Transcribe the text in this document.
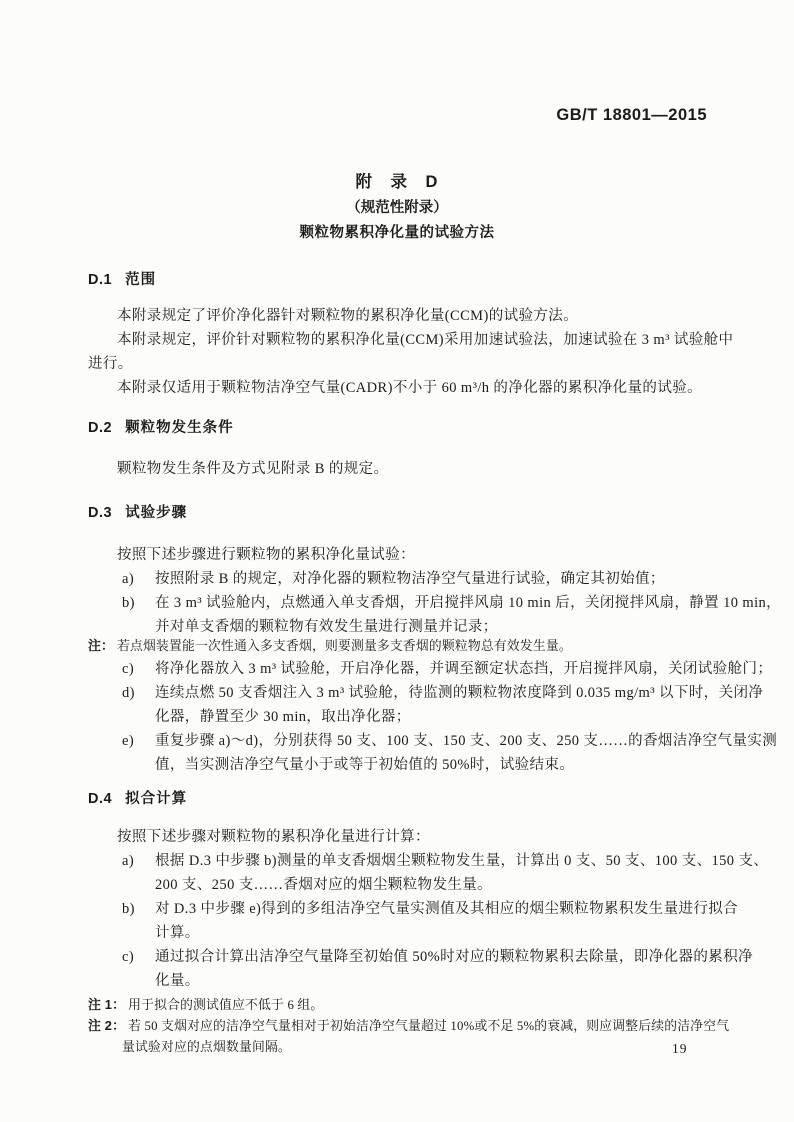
GB/T 18801—2015
附　录　D
（规范性附录）
颗粒物累积净化量的试验方法
D.1 范围
本附录规定了评价净化器针对颗粒物的累积净化量(CCM)的试验方法。
本附录规定，评价针对颗粒物的累积净化量(CCM)采用加速试验法，加速试验在 3 m³ 试验舱中
进行。
本附录仅适用于颗粒物洁净空气量(CADR)不小于 60 m³/h 的净化器的累积净化量的试验。
D.2 颗粒物发生条件
颗粒物发生条件及方式见附录 B 的规定。
D.3 试验步骤
按照下述步骤进行颗粒物的累积净化量试验：
a) 按照附录 B 的规定，对净化器的颗粒物洁净空气量进行试验，确定其初始值；
b) 在 3 m³ 试验舱内，点燃通入单支香烟，开启搅拌风扇 10 min 后，关闭搅拌风扇，静置 10 min，
并对单支香烟的颗粒物有效发生量进行测量并记录；
注： 若点烟装置能一次性通入多支香烟，则要测量多支香烟的颗粒物总有效发生量。
c) 将净化器放入 3 m³ 试验舱，开启净化器，并调至额定状态挡，开启搅拌风扇，关闭试验舱门；
d) 连续点燃 50 支香烟注入 3 m³ 试验舱，待监测的颗粒物浓度降到 0.035 mg/m³ 以下时，关闭净
化器，静置至少 30 min，取出净化器；
e) 重复步骤 a)～d)，分别获得 50 支、100 支、150 支、200 支、250 支……的香烟洁净空气量实测
值，当实测洁净空气量小于或等于初始值的 50%时，试验结束。
D.4 拟合计算
按照下述步骤对颗粒物的累积净化量进行计算：
a) 根据 D.3 中步骤 b)测量的单支香烟烟尘颗粒物发生量，计算出 0 支、50 支、100 支、150 支、
200 支、250 支……香烟对应的烟尘颗粒物发生量。
b) 对 D.3 中步骤 e)得到的多组洁净空气量实测值及其相应的烟尘颗粒物累积发生量进行拟合
计算。
c) 通过拟合计算出洁净空气量降至初始值 50%时对应的颗粒物累积去除量，即净化器的累积净
化量。
注 1： 用于拟合的测试值应不低于 6 组。
注 2： 若 50 支烟对应的洁净空气量相对于初始洁净空气量超过 10%或不足 5%的衰减，则应调整后续的洁净空气
量试验对应的点烟数量间隔。	19
